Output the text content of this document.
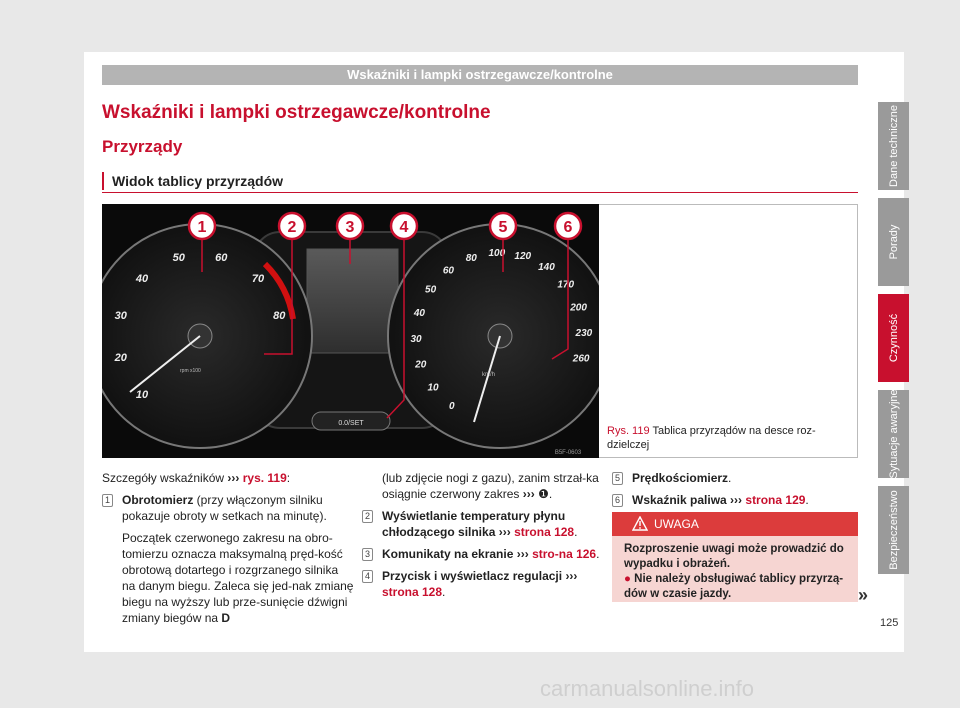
Wskaźniki i lampki ostrzegawcze/kontrolne
Wskaźniki i lampki ostrzegawcze/kontrolne
Przyrządy
Widok tablicy przyrządów
0.0/SET
10
20
30
40
50	60
70
80
rpm x100
0
10
20
30
40
50
60
80 100 120
140
170
200
230
260
km/h
1	2	3	4	5	6
B5F-0603
Rys. 119 Tablica przyrządów na desce roz-dzielczej
Szczegóły wskaźników ››› rys. 119:
1 Obrotomierz (przy włączonym silniku pokazuje obroty w setkach na minutę).
Początek czerwonego zakresu na obro-tomierzu oznacza maksymalną pręd-kość obrotową dotartego i rozgrzanego silnika na danym biegu. Zaleca się jed-nak zmianę biegu na wyższy lub prze-sunięcie dźwigni zmiany biegów na D
(lub zdjęcie nogi z gazu), zanim strzał-ka osiągnie czerwony zakres ››› ❶.
2 Wyświetlanie temperatury płynu chłodzącego silnika ››› strona 128.
3 Komunikaty na ekranie ››› stro-na 126.
4 Przycisk i wyświetlacz regulacji ››› strona 128.
5 Prędkościomierz.
6 Wskaźnik paliwa ››› strona 129.
UWAGA
Rozproszenie uwagi może prowadzić do wypadku i obrażeń.
● Nie należy obsługiwać tablicy przyrzą-dów w czasie jazdy.	»
Dane techniczne
Porady
Czynność
Sytuacje awaryjne
Bezpieczeństwo
125
carmanualsonline.info
